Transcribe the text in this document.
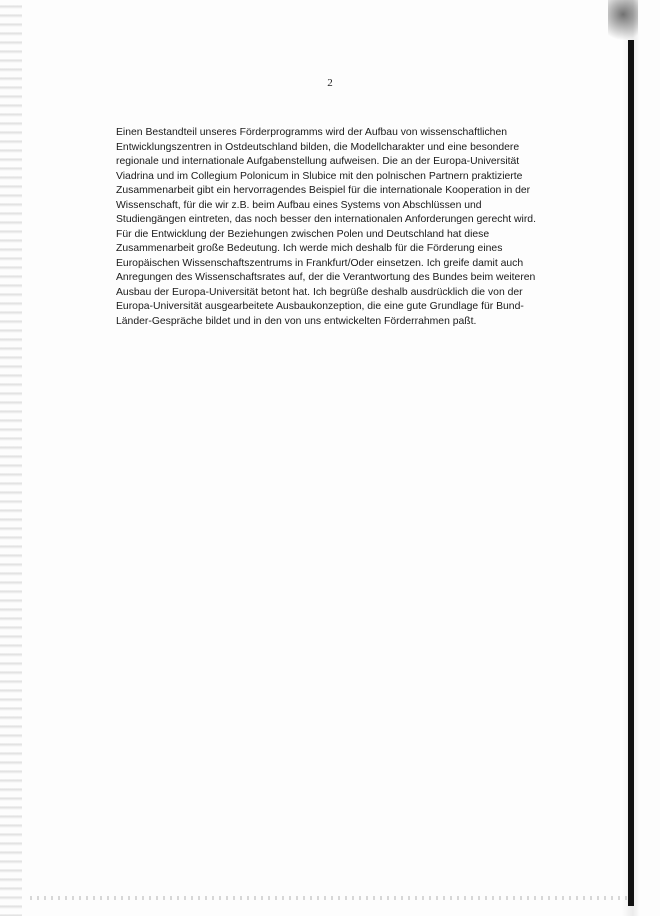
2

Einen Bestandteil unseres Förderprogramms wird der Aufbau von wissenschaftlichen
Entwicklungszentren in Ostdeutschland bilden, die Modellcharakter und eine besondere
regionale und internationale Aufgabenstellung aufweisen. Die an der Europa-Universität
Viadrina und im Collegium Polonicum in Slubice mit den polnischen Partnern praktizierte
Zusammenarbeit gibt ein hervorragendes Beispiel für die internationale Kooperation in der
Wissenschaft, für die wir z.B. beim Aufbau eines Systems von Abschlüssen und
Studiengängen eintreten, das noch besser den internationalen Anforderungen gerecht wird.
Für die Entwicklung der Beziehungen zwischen Polen und Deutschland hat diese
Zusammenarbeit große Bedeutung. Ich werde mich deshalb für die Förderung eines
Europäischen Wissenschaftszentrums in Frankfurt/Oder einsetzen. Ich greife damit auch
Anregungen des Wissenschaftsrates auf, der die Verantwortung des Bundes beim weiteren
Ausbau der Europa-Universität betont hat. Ich begrüße deshalb ausdrücklich die von der
Europa-Universität ausgearbeitete Ausbaukonzeption, die eine gute Grundlage für Bund-
Länder-Gespräche bildet und in den von uns entwickelten Förderrahmen paßt.
